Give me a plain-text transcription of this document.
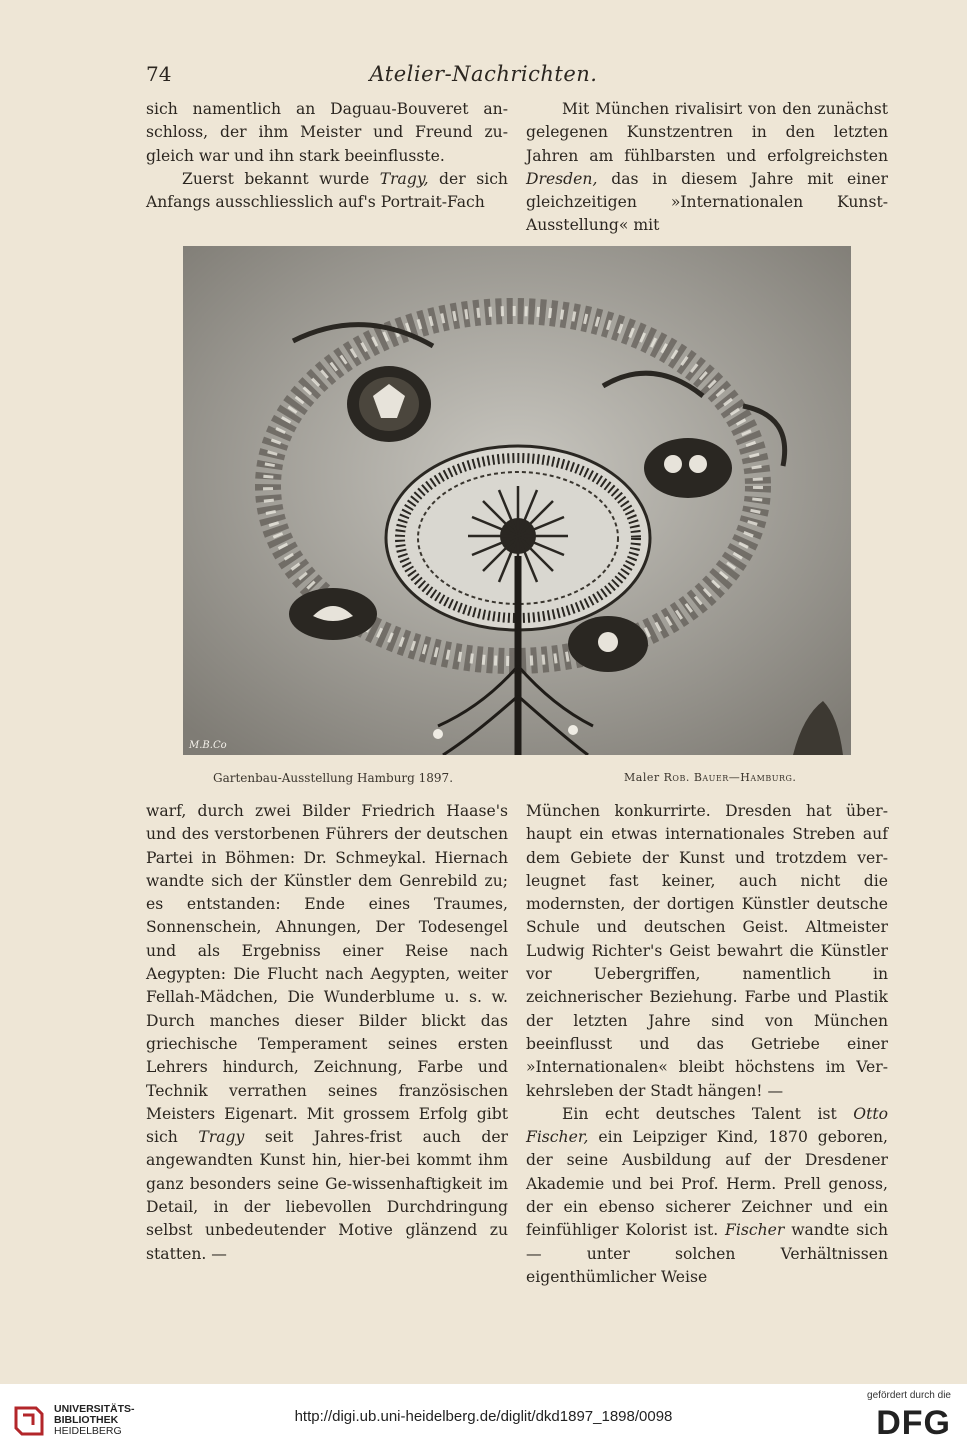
74	Atelier-Nachrichten.

sich namentlich an Daguau-Bouveret an-schloss, der ihm Meister und Freund zu-gleich war und ihn stark beeinflusste.

Zuerst bekannt wurde Tragy, der sich Anfangs ausschliesslich auf's Portrait-Fach

Mit München rivalisirt von den zunächst gelegenen Kunstzentren in den letzten Jahren am fühlbarsten und erfolgreichsten Dresden, das in diesem Jahre mit einer gleichzeitigen »Internationalen Kunst-Ausstellung« mit

M.B.Co
Gartenbau-Ausstellung Hamburg 1897.	Maler Rob. Bauer—Hamburg.

warf, durch zwei Bilder Friedrich Haase's und des verstorbenen Führers der deutschen Partei in Böhmen: Dr. Schmeykal. Hiernach wandte sich der Künstler dem Genrebild zu; es entstanden: Ende eines Traumes, Sonnenschein, Ahnungen, Der Todesengel und als Ergebniss einer Reise nach Aegypten: Die Flucht nach Aegypten, weiter Fellah-Mädchen, Die Wunderblume u. s. w. Durch manches dieser Bilder blickt das griechische Temperament seines ersten Lehrers hindurch, Zeichnung, Farbe und Technik verrathen seines französischen Meisters Eigenart. Mit grossem Erfolg gibt sich Tragy seit Jahres-frist auch der angewandten Kunst hin, hier-bei kommt ihm ganz besonders seine Ge-wissenhaftigkeit im Detail, in der liebevollen Durchdringung selbst unbedeutender Motive glänzend zu statten. —

München konkurrirte. Dresden hat über-haupt ein etwas internationales Streben auf dem Gebiete der Kunst und trotzdem ver-leugnet fast keiner, auch nicht die modernsten, der dortigen Künstler deutsche Schule und deutschen Geist. Altmeister Ludwig Richter's Geist bewahrt die Künstler vor Uebergriffen, namentlich in zeichnerischer Beziehung. Farbe und Plastik der letzten Jahre sind von München beeinflusst und das Getriebe einer »Internationalen« bleibt höchstens im Ver-kehrsleben der Stadt hängen! —

Ein echt deutsches Talent ist Otto Fischer, ein Leipziger Kind, 1870 geboren, der seine Ausbildung auf der Dresdener Akademie und bei Prof. Herm. Prell genoss, der ein ebenso sicherer Zeichner und ein feinfühliger Kolorist ist. Fischer wandte sich — unter solchen Verhältnissen eigenthümlicher Weise

UNIVERSITÄTS-
BIBLIOTHEK
HEIDELBERG
http://digi.ub.uni-heidelberg.de/diglit/dkd1897_1898/0098
gefördert durch die
DFG
